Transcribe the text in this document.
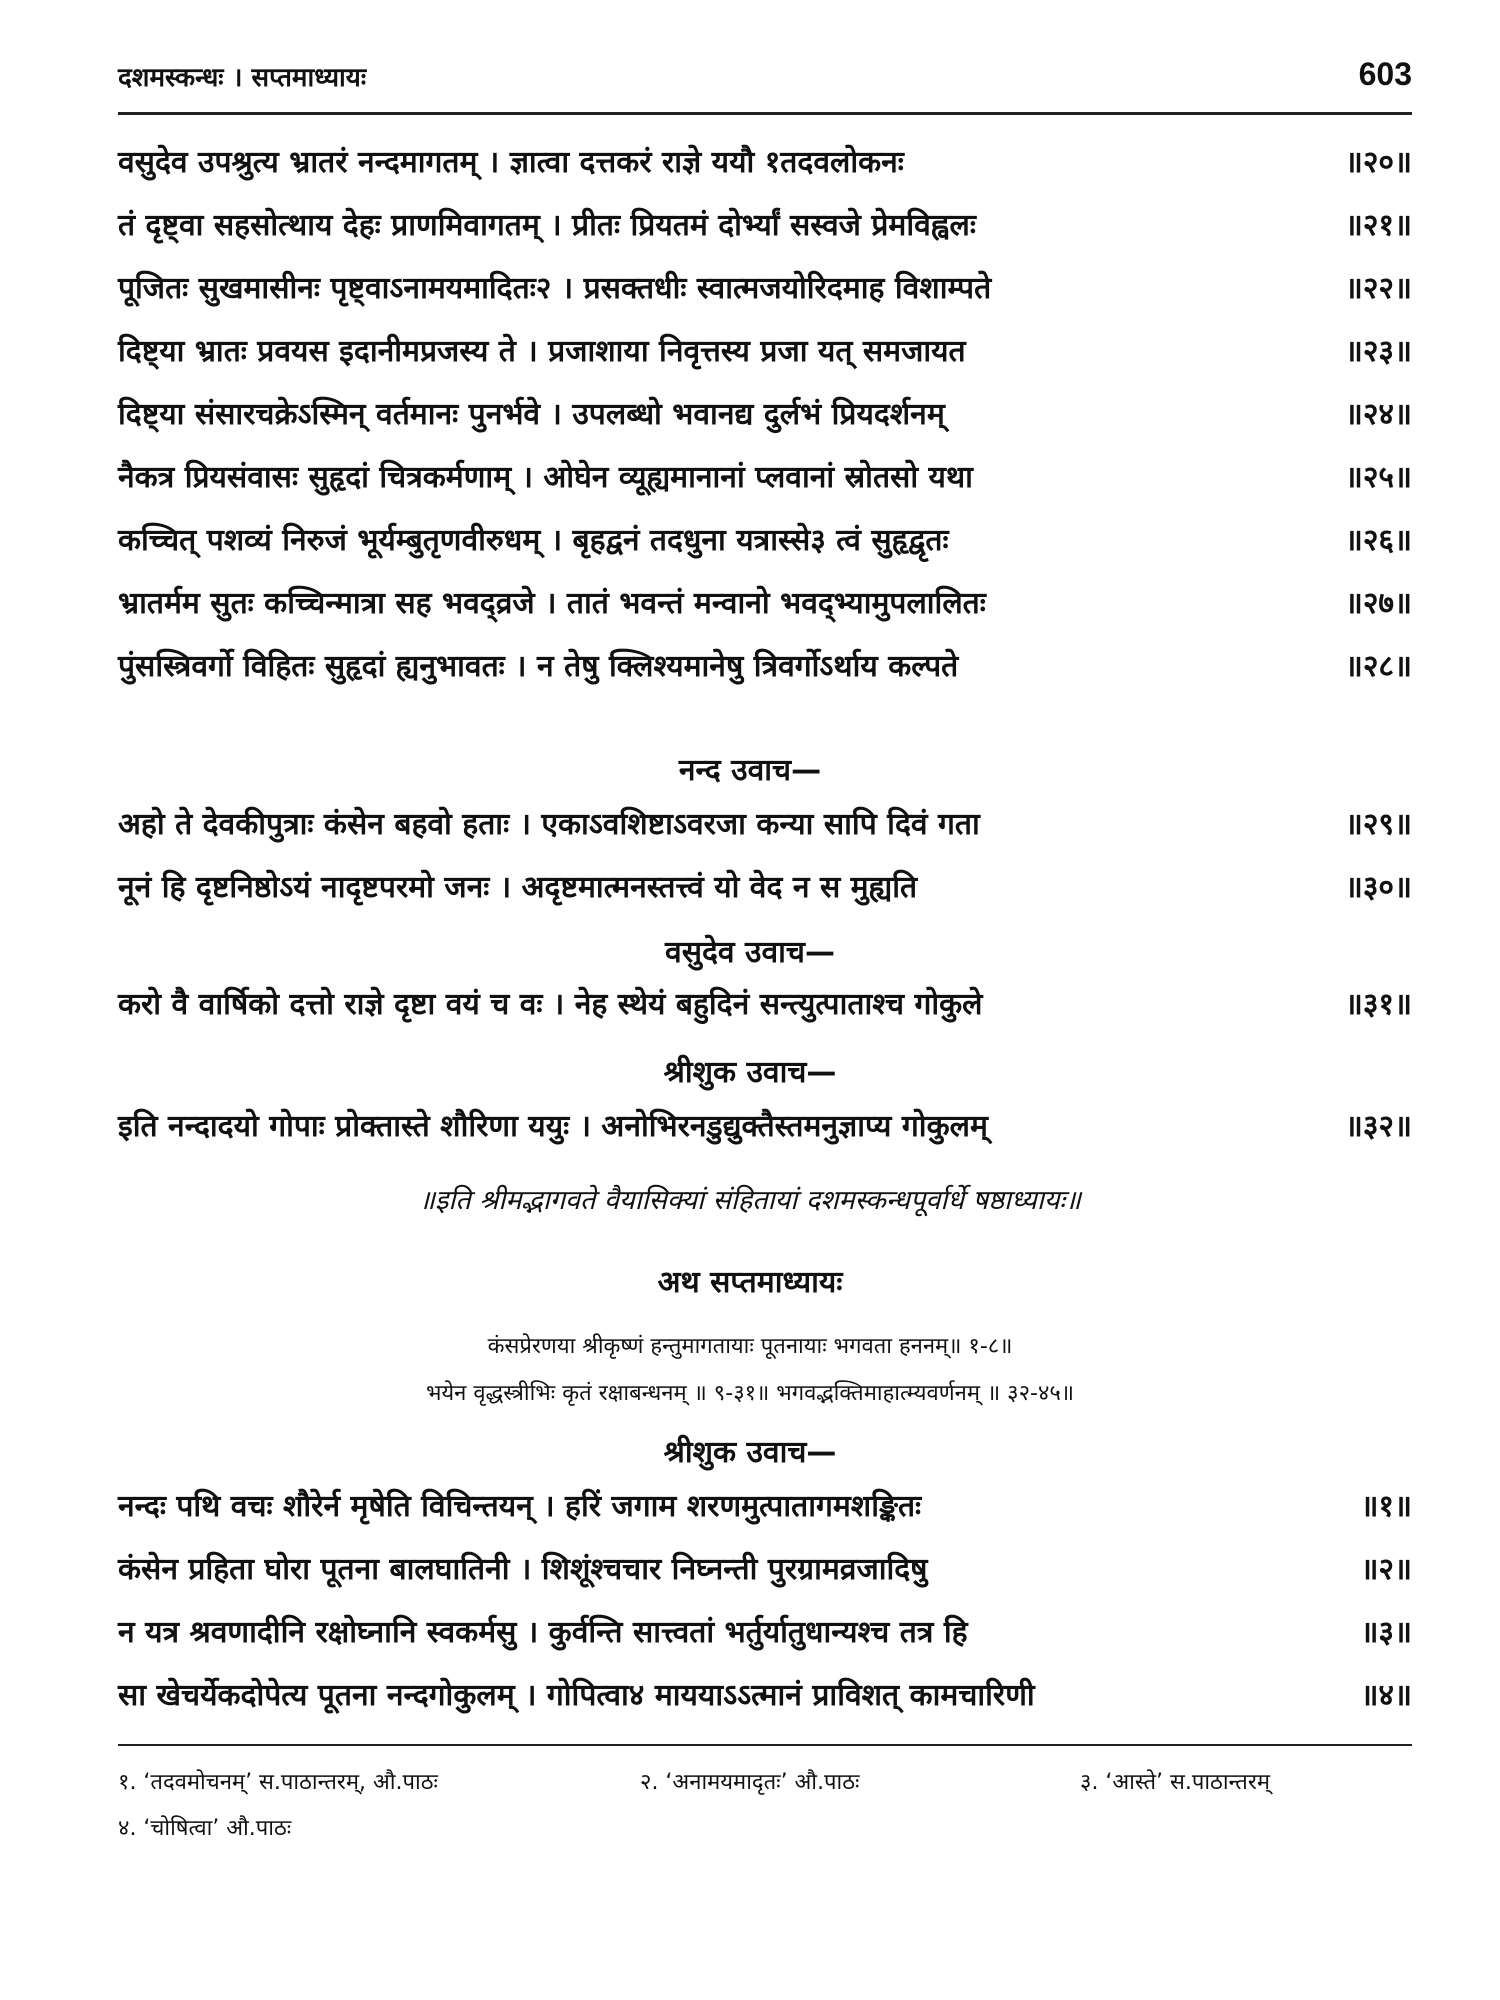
दशमस्कन्धः । सप्तमाध्यायः	603
वसुदेव उपश्रुत्य भ्रातरं नन्दमागतम् । ज्ञात्वा दत्तकरं राज्ञे ययौ १तदवलोकनः	॥२०॥
तं दृष्ट्वा सहसोत्थाय देहः प्राणमिवागतम् । प्रीतः प्रियतमं दोर्भ्यां सस्वजे प्रेमविह्वलः	॥२१॥
पूजितः सुखमासीनः पृष्ट्वाऽनामयमादितः२ । प्रसक्तधीः स्वात्मजयोरिदमाह विशाम्पते	॥२२॥
दिष्ट्या भ्रातः प्रवयस इदानीमप्रजस्य ते । प्रजाशाया निवृत्तस्य प्रजा यत् समजायत	॥२३॥
दिष्ट्या संसारचक्रेऽस्मिन् वर्तमानः पुनर्भवे । उपलब्धो भवानद्य दुर्लभं प्रियदर्शनम्	॥२४॥
नैकत्र प्रियसंवासः सुहृदां चित्रकर्मणाम् । ओघेन व्यूह्यमानानां प्लवानां स्रोतसो यथा	॥२५॥
कच्चित् पशव्यं निरुजं भूर्यम्बुतृणवीरुधम् । बृहद्वनं तदधुना यत्रास्से३ त्वं सुहृद्वृतः	॥२६॥
भ्रातर्मम सुतः कच्चिन्मात्रा सह भवद्व्रजे । तातं भवन्तं मन्वानो भवद्भ्यामुपलालितः	॥२७॥
पुंसस्त्रिवर्गो विहितः सुहृदां ह्यनुभावतः । न तेषु क्लिश्यमानेषु त्रिवर्गोऽर्थाय कल्पते	॥२८॥
नन्द उवाच—
अहो ते देवकीपुत्राः कंसेन बहवो हताः । एकाऽवशिष्टाऽवरजा कन्या सापि दिवं गता	॥२९॥
नूनं हि दृष्टनिष्ठोऽयं नादृष्टपरमो जनः । अदृष्टमात्मनस्तत्त्वं यो वेद न स मुह्यति	॥३०॥
वसुदेव उवाच—
करो वै वार्षिको दत्तो राज्ञे दृष्टा वयं च वः । नेह स्थेयं बहुदिनं सन्त्युत्पाताश्च गोकुले	॥३१॥
श्रीशुक उवाच—
इति नन्दादयो गोपाः प्रोक्तास्ते शौरिणा ययुः । अनोभिरनडुद्युक्तैस्तमनुज्ञाप्य गोकुलम्	॥३२॥
॥इति श्रीमद्भागवते वैयासिक्यां संहितायां दशमस्कन्धपूर्वार्धे षष्ठाध्यायः॥
अथ सप्तमाध्यायः
कंसप्रेरणया श्रीकृष्णं हन्तुमागतायाः पूतनायाः भगवता हननम्॥ १-८॥
भयेन वृद्धस्त्रीभिः कृतं रक्षाबन्धनम् ॥ ९-३१॥ भगवद्भक्तिमाहात्म्यवर्णनम् ॥ ३२-४५॥
श्रीशुक उवाच—
नन्दः पथि वचः शौरेर्न मृषेति विचिन्तयन् । हरिं जगाम शरणमुत्पातागमशङ्कितः	॥१॥
कंसेन प्रहिता घोरा पूतना बालघातिनी । शिशूंश्चचार निघ्नन्ती पुरग्रामव्रजादिषु	॥२॥
न यत्र श्रवणादीनि रक्षोघ्नानि स्वकर्मसु । कुर्वन्ति सात्त्वतां भर्तुर्यातुधान्यश्च तत्र हि	॥३॥
सा खेचर्येकदोपेत्य पूतना नन्दगोकुलम् । गोपित्वा४ माययाऽऽत्मानं प्राविशत् कामचारिणी	॥४॥
१. ‘तदवमोचनम्’ स.पाठान्तरम्, औ.पाठः	२. ‘अनामयमादृतः’ औ.पाठः	३. ‘आस्ते’ स.पाठान्तरम्
४. ‘चोषित्वा’ औ.पाठः
